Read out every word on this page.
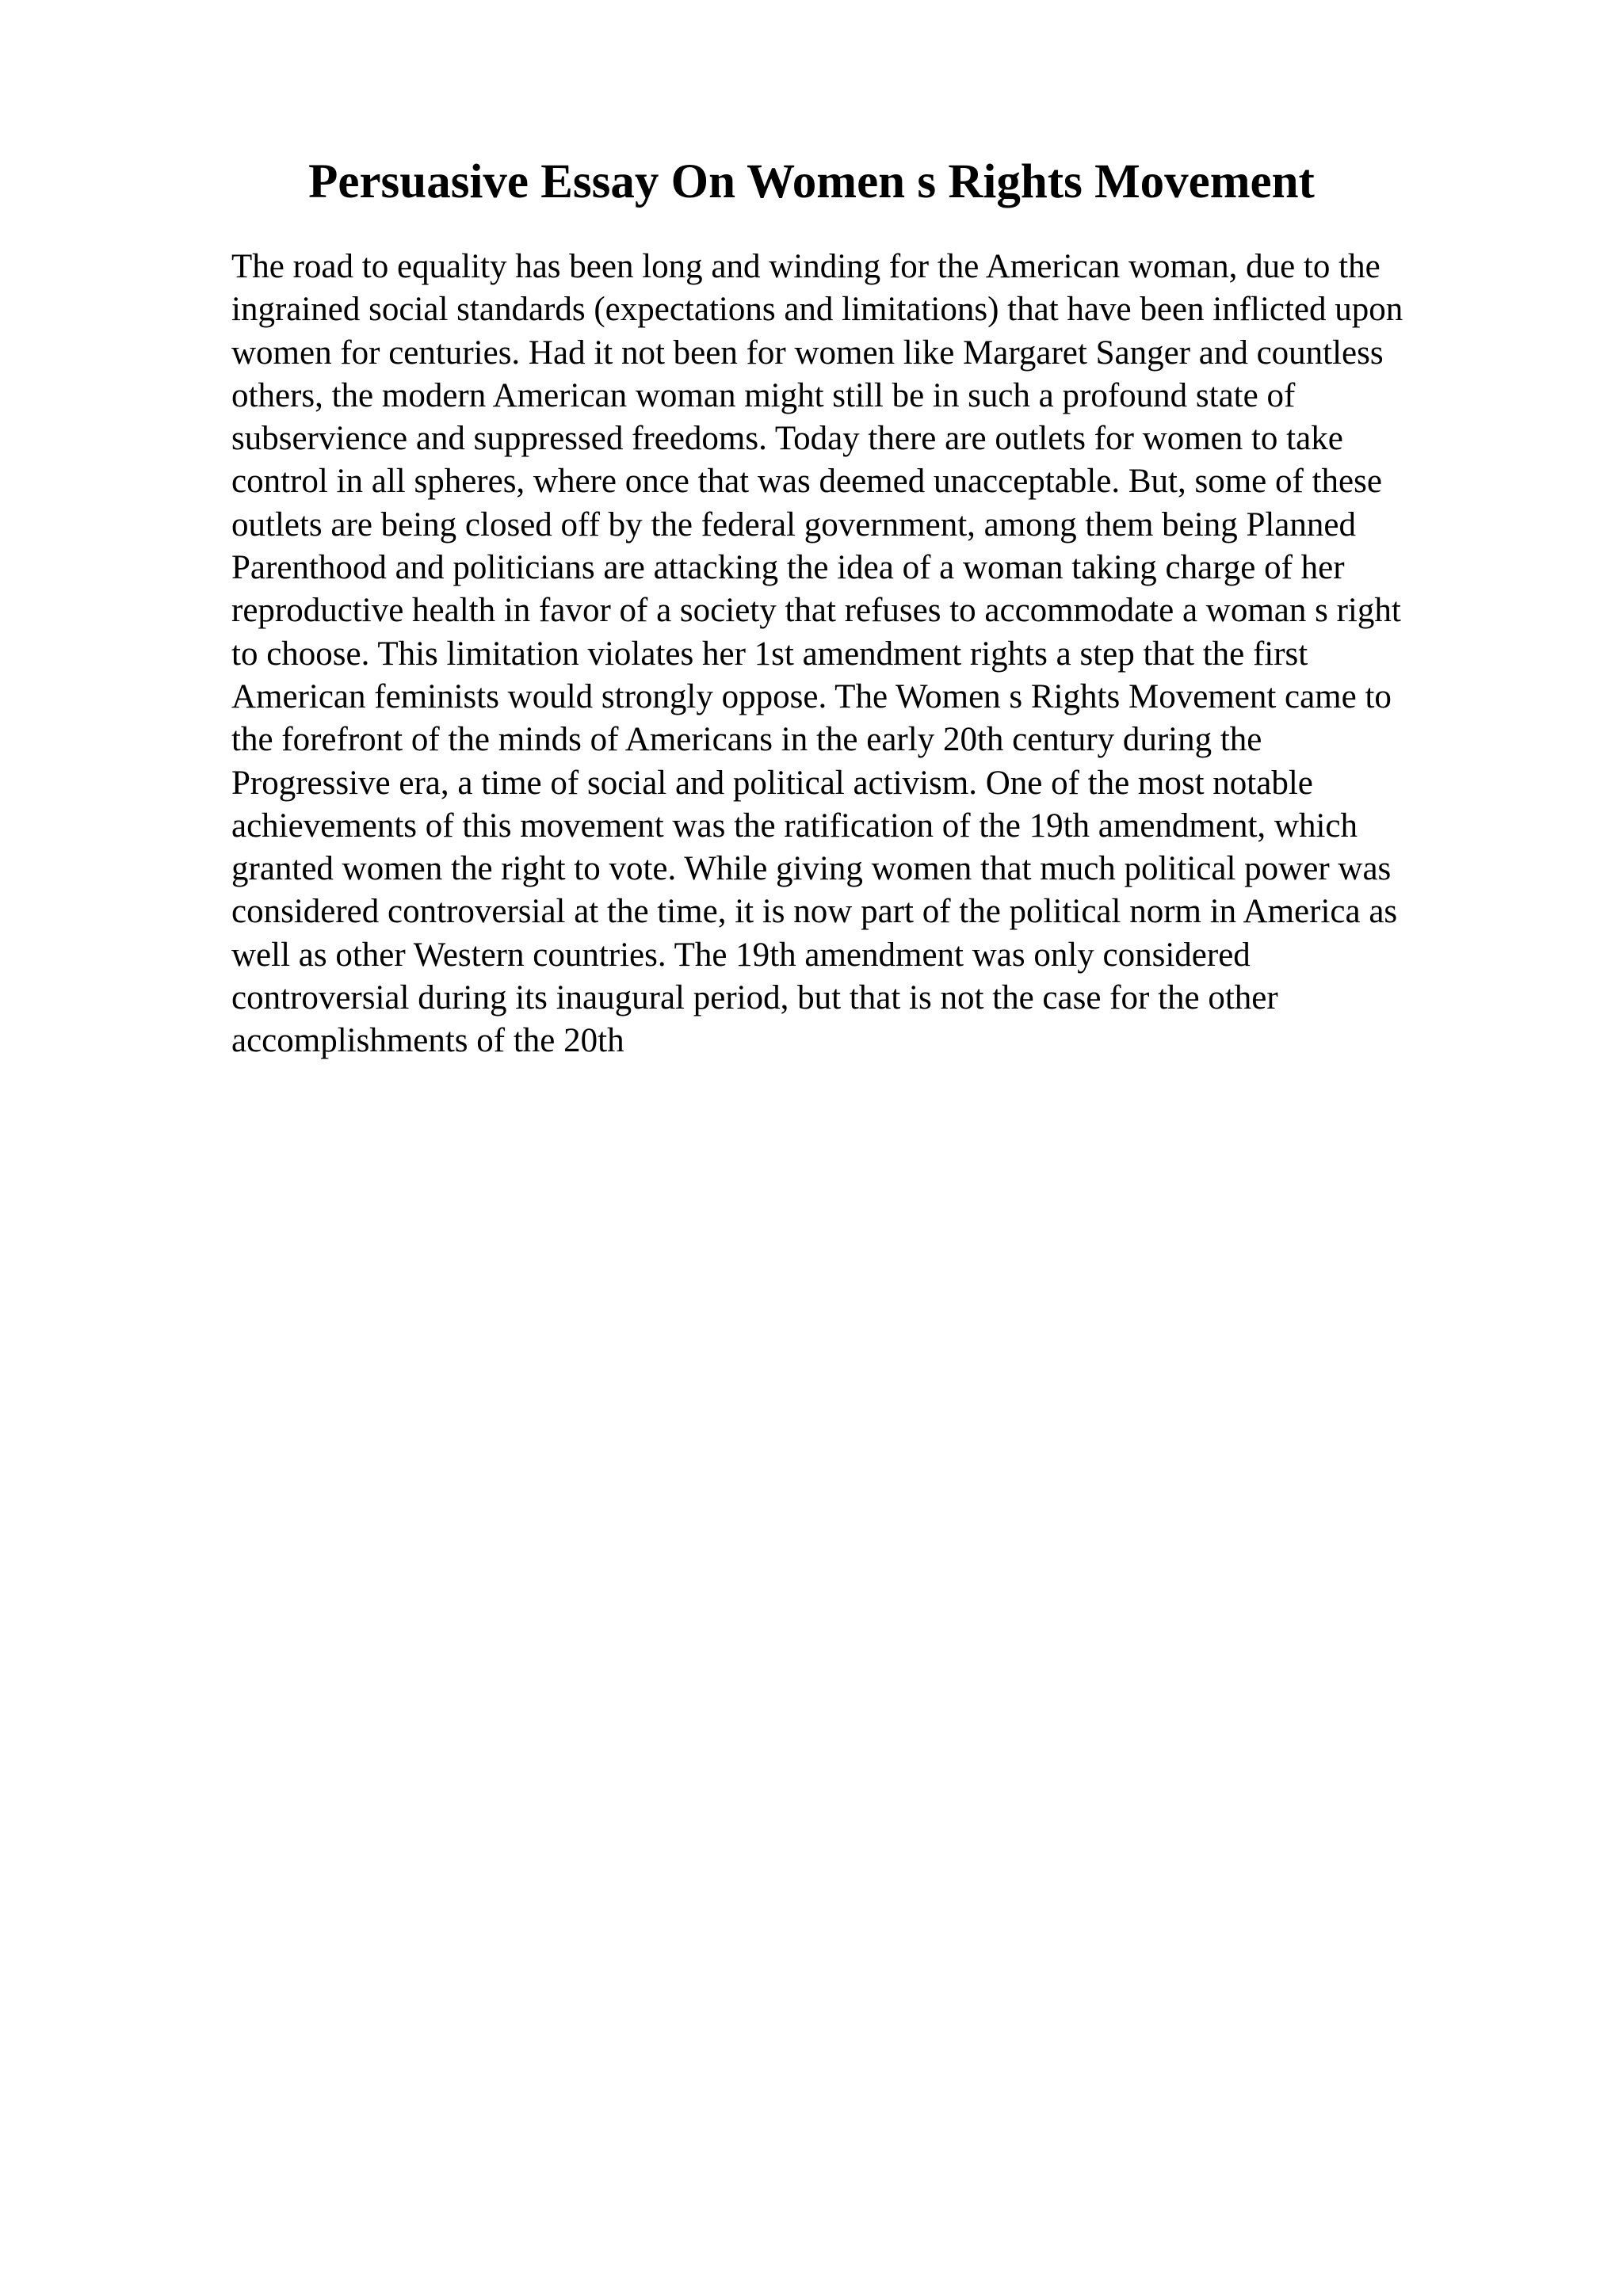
Persuasive Essay On Women s Rights Movement
The road to equality has been long and winding for the American woman, due to the
ingrained social standards (expectations and limitations) that have been inflicted upon
women for centuries. Had it not been for women like Margaret Sanger and countless
others, the modern American woman might still be in such a profound state of
subservience and suppressed freedoms. Today there are outlets for women to take
control in all spheres, where once that was deemed unacceptable. But, some of these
outlets are being closed off by the federal government, among them being Planned
Parenthood and politicians are attacking the idea of a woman taking charge of her
reproductive health in favor of a society that refuses to accommodate a woman s right
to choose. This limitation violates her 1st amendment rights a step that the first
American feminists would strongly oppose. The Women s Rights Movement came to
the forefront of the minds of Americans in the early 20th century during the
Progressive era, a time of social and political activism. One of the most notable
achievements of this movement was the ratification of the 19th amendment, which
granted women the right to vote. While giving women that much political power was
considered controversial at the time, it is now part of the political norm in America as
well as other Western countries. The 19th amendment was only considered
controversial during its inaugural period, but that is not the case for the other
accomplishments of the 20th
